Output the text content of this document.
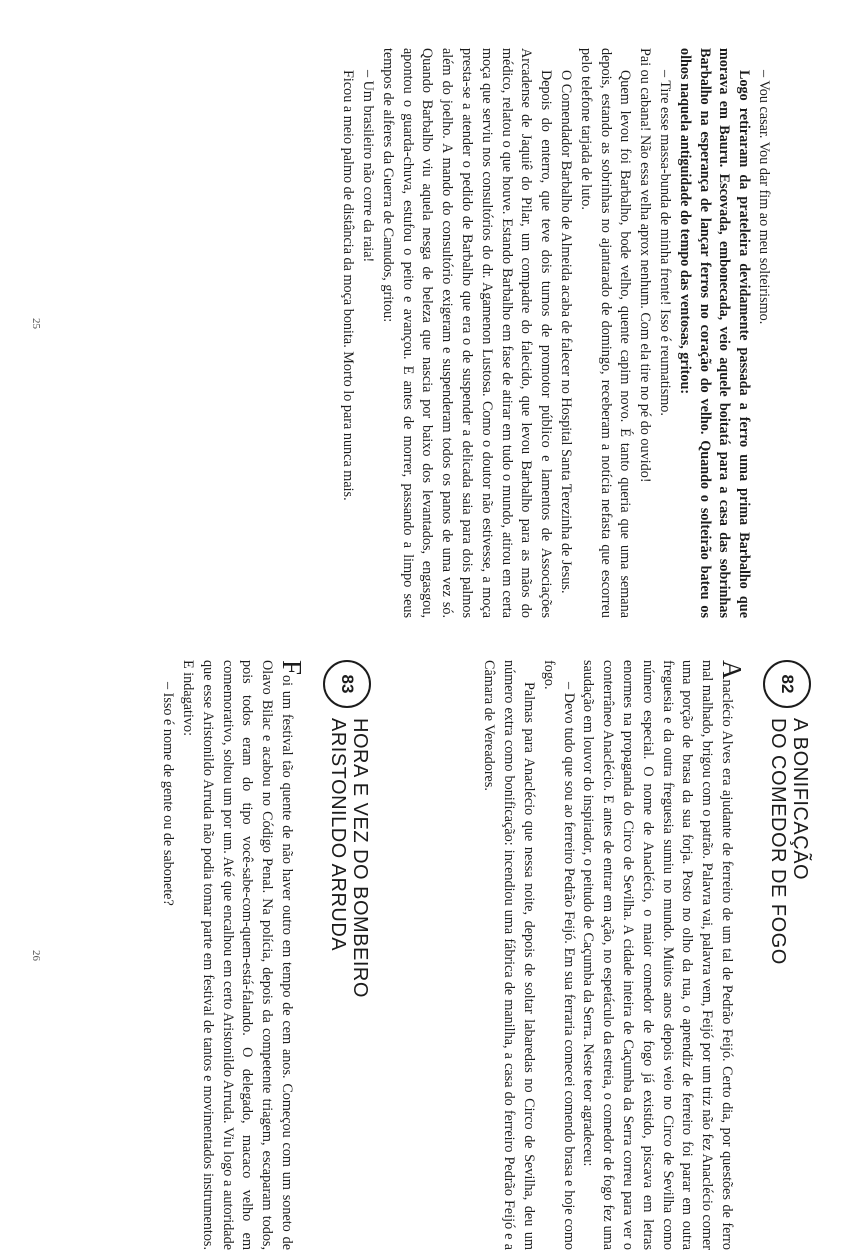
– Vou casar. Vou dar fim ao meu solteirismo.

Logo retiraram da prateleira devidamente passada a ferro uma prima Barbalho que morava em Bauru. Escovada, embonecada, veio aquele boitatá para a casa das sobrinhas Barbalho na esperança de lançar ferros no coração do velho. Quando o solteirão bateu os olhos naquela antiguidade do tempo das ventosas, gritou:

– Tire esse massa-bunda de minha frente! Isso é reumatismo.

Pai ou cabana! Não essa velha aprox nenhum. Com ela tire no pé do ouvido!

Quem levou foi Barbalho, bode velho, quente capim novo. É tanto queria que uma semana depois, estando as sobrinhas no ajantarado de domingo, receberam a notícia nefasta que escorreu pelo telefone tarjada de luto.

O Comendador Barbalho de Almeida acaba de falecer no Hospital Santa Terezinha de Jesus.

Depois do enterro, que teve dois turnos de promotor público e lamentos de Associações Arcadense de Jaquiê do Pilar, um compadre do falecido, que levou Barbalho para as mãos do médico, relatou o que houve. Estando Barbalho em fase de atirar em tudo o mundo, atirou em certa moça que serviu nos consultórios do dr. Agamenon Lustosa. Como o doutor não estivesse, a moça presta-se a atender o pedido de Barbalho que era o de suspender a delicada saia para dois palmos além do joelho. A mando do consultório exigeram e suspenderam todos os panos de uma vez só. Quando Barbalho viu aquela nesga de beleza que nascia por baixo dos levantados, engasgou, apontou o guarda-chuva, estufou o peito e avançou. E antes de morrer, passando a limpo seus tempos de alferes da Guerra de Canudos, gritou:

– Um brasileiro não corre da raia!

Ficou a meio palmo de distância da moça bonita. Morto lo para nunca mais.

25
82
A BONIFICAÇÃO
DO COMEDOR DE FOGO

Anaclécio Alves era ajudante de ferreiro de um tal de Pedrão Feijó. Certo dia, por questões de ferro mal malhado, brigou com o patrão. Palavra vai, palavra vem, Feijó por um triz não fez Anaclécio comer uma porção de brasa da sua forja. Posto no olho da rua, o aprendiz de ferreiro foi parar em outra freguesia e da outra freguesia sumiu no mundo. Muitos anos depois veio no Circo de Sevilha como número especial. O nome de Anaclécio, o maior comedor de fogo já existido, piscava em letras enormes na propaganda do Circo de Sevilha. A cidade inteira de Caçumba da Serra correu para ver o conterrâneo Anaclécio. E antes de entrar em ação, no espetáculo da estreia, o comedor de fogo fez uma saudação em louvor do inspirador, o peitudo de Caçumba da Serra. Neste teor agradeceu:

– Devo tudo que sou ao ferreiro Pedrão Feijó. Em sua ferraria comecei comendo brasa e hoje como fogo.

Palmas para Anaclécio que nessa noite, depois de soltar labaredas no Circo de Sevilha, deu um número extra como bonificação: incendiou uma fábrica de manilha, a casa do ferreiro Pedrão Feijó e a Câmara de Vereadores.

83
HORA E VEZ DO BOMBEIRO
ARISTONILDO ARRUDA

Foi um festival tão quente de não haver outro em tempo de cem anos. Começou com um soneto de Olavo Bilac e acabou no Código Penal. Na polícia, depois da competente triagem, escaparam todos, pois todos eram do tipo você-sabe-com-quem-está-falando. O delegado, macaco velho em comemorativo, soltou um por um. Até que encalhou em certo Aristonildo Arruda. Viu logo a autoridade que esse Aristonildo Arruda não podia tomar parte em festival de tantos e movimentados instrumentos. E indagativo:

– Isso é nome de gente ou de sabonete?

26
